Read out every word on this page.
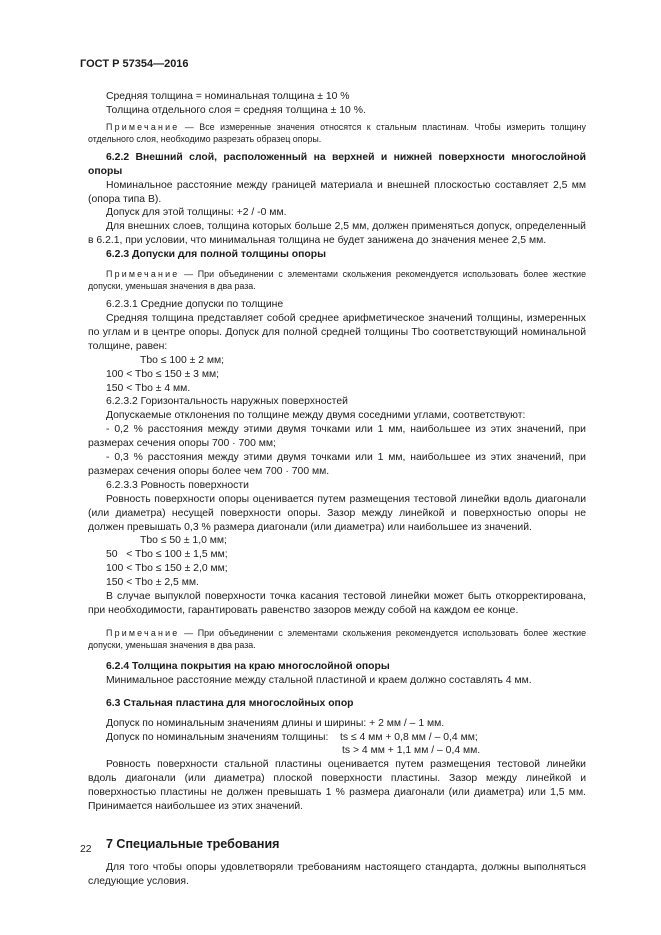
ГОСТ Р 57354—2016

Средняя толщина = номинальная толщина ± 10 %

Толщина отдельного слоя = средняя толщина ± 10 %.

Примечание — Все измеренные значения относятся к стальным пластинам. Чтобы измерить толщину отдельного слоя, необходимо разрезать образец опоры.

6.2.2 Внешний слой, расположенный на верхней и нижней поверхности многослойной опоры

Номинальное расстояние между границей материала и внешней плоскостью составляет 2,5 мм (опора типа В).

Допуск для этой толщины: +2 / -0 мм.

Для внешних слоев, толщина которых больше 2,5 мм, должен применяться допуск, определенный в 6.2.1, при условии, что минимальная толщина не будет занижена до значения менее 2,5 мм.

6.2.3 Допуски для полной толщины опоры

Примечание — При объединении с элементами скольжения рекомендуется использовать более жесткие допуски, уменьшая значения в два раза.

6.2.3.1 Средние допуски по толщине

Средняя толщина представляет собой среднее арифметическое значений толщины, измеренных по углам и в центре опоры. Допуск для полной средней толщины Tbo соответствующий номинальной толщине, равен:

Tbo ≤ 100 ± 2 мм;

100 < Tbo ≤ 150 ± 3 мм;

150 < Tbo ± 4 мм.

6.2.3.2 Горизонтальность наружных поверхностей

Допускаемые отклонения по толщине между двумя соседними углами, соответствуют:

- 0,2 % расстояния между этими двумя точками или 1 мм, наибольшее из этих значений, при размерах сечения опоры 700 · 700 мм;

- 0,3 % расстояния между этими двумя точками или 1 мм, наибольшее из этих значений, при размерах сечения опоры более чем 700 · 700 мм.

6.2.3.3 Ровность поверхности

Ровность поверхности опоры оценивается путем размещения тестовой линейки вдоль диагонали (или диаметра) несущей поверхности опоры. Зазор между линейкой и поверхностью опоры не должен превышать 0,3 % размера диагонали (или диаметра) или наибольшее из значений.

Tbo ≤ 50 ± 1,0 мм;

50   < Tbo ≤ 100 ± 1,5 мм;

100 < Tbo ≤ 150 ± 2,0 мм;

150 < Tbo ± 2,5 мм.

В случае выпуклой поверхности точка касания тестовой линейки может быть откорректирована, при необходимости, гарантировать равенство зазоров между собой на каждом ее конце.

Примечание — При объединении с элементами скольжения рекомендуется использовать более жесткие допуски, уменьшая значения в два раза.

6.2.4 Толщина покрытия на краю многослойной опоры

Минимальное расстояние между стальной пластиной и краем должно составлять 4 мм.

6.3 Стальная пластина для многослойных опор

Допуск по номинальным значениям длины и ширины: + 2 мм / – 1 мм.

Допуск по номинальным значениям толщины:    ts ≤ 4 мм + 0,8 мм / – 0,4 мм;

ts > 4 мм + 1,1 мм / – 0,4 мм.

Ровность поверхности стальной пластины оценивается путем размещения тестовой линейки вдоль диагонали (или диаметра) плоской поверхности пластины. Зазор между линейкой и поверхностью пластины не должен превышать 1 % размера диагонали (или диаметра) или 1,5 мм. Принимается наибольшее из этих значений.

7 Специальные требования

Для того чтобы опоры удовлетворяли требованиям настоящего стандарта, должны выполняться следующие условия.

22
